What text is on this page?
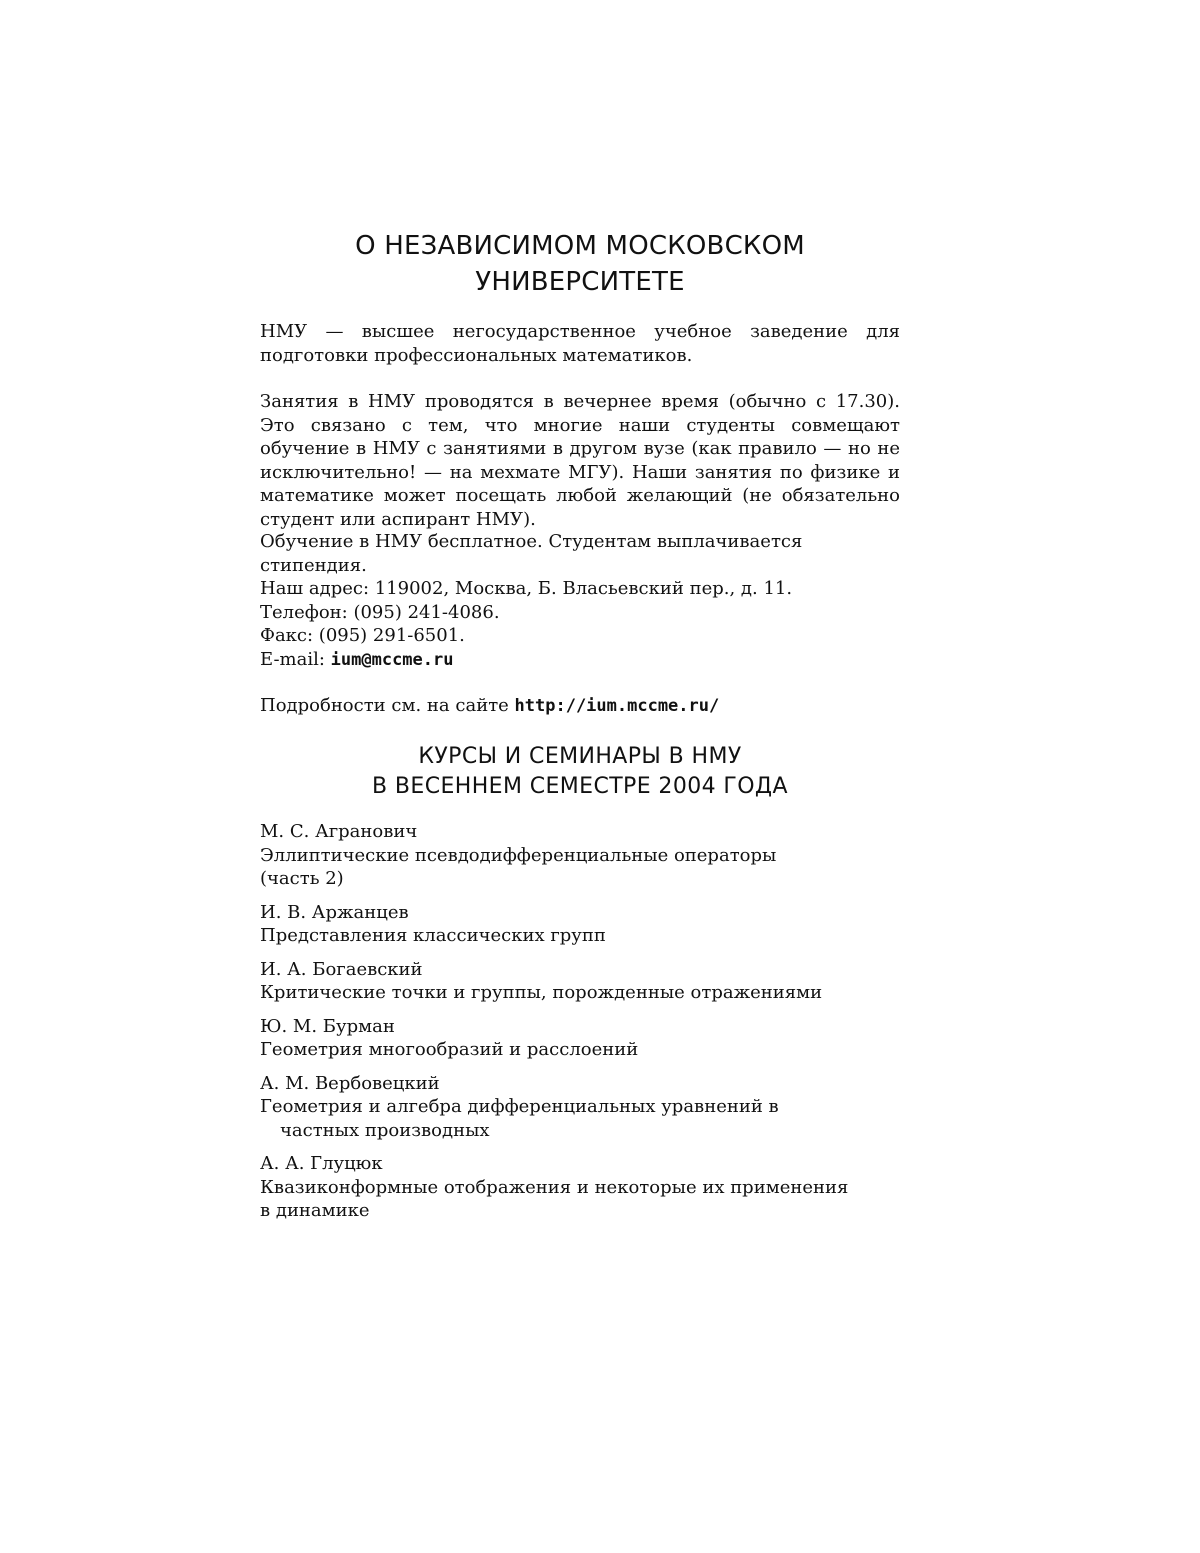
О НЕЗАВИСИМОМ МОСКОВСКОМ
УНИВЕРСИТЕТЕ

НМУ — высшее негосударственное учебное заведение для подготовки профессиональных математиков.

Занятия в НМУ проводятся в вечернее время (обычно с 17.30). Это связано с тем, что многие наши студенты совмещают обучение в НМУ с занятиями в другом вузе (как правило — но не исключительно! — на мехмате МГУ). Наши занятия по физике и математике может посещать любой желающий (не обязательно студент или аспирант НМУ).

Обучение в НМУ бесплатное. Студентам выплачивается стипендия.

Наш адрес: 119002, Москва, Б. Власьевский пер., д. 11.
Телефон: (095) 241-4086.
Факс: (095) 291-6501.
E-mail: ium@mccme.ru

Подробности см. на сайте http://ium.mccme.ru/

КУРСЫ И СЕМИНАРЫ В НМУ
В ВЕСЕННЕМ СЕМЕСТРЕ 2004 ГОДА
М. С. Агранович
Эллиптические псевдодифференциальные операторы (часть 2)
И. В. Аржанцев
Представления классических групп
И. А. Богаевский
Критические точки и группы, порожденные отражениями
Ю. М. Бурман
Геометрия многообразий и расслоений
А. М. Вербовецкий
Геометрия и алгебра дифференциальных уравнений в частных производных
А. А. Глуцюк
Квазиконформные отображения и некоторые их применения
в динамике
